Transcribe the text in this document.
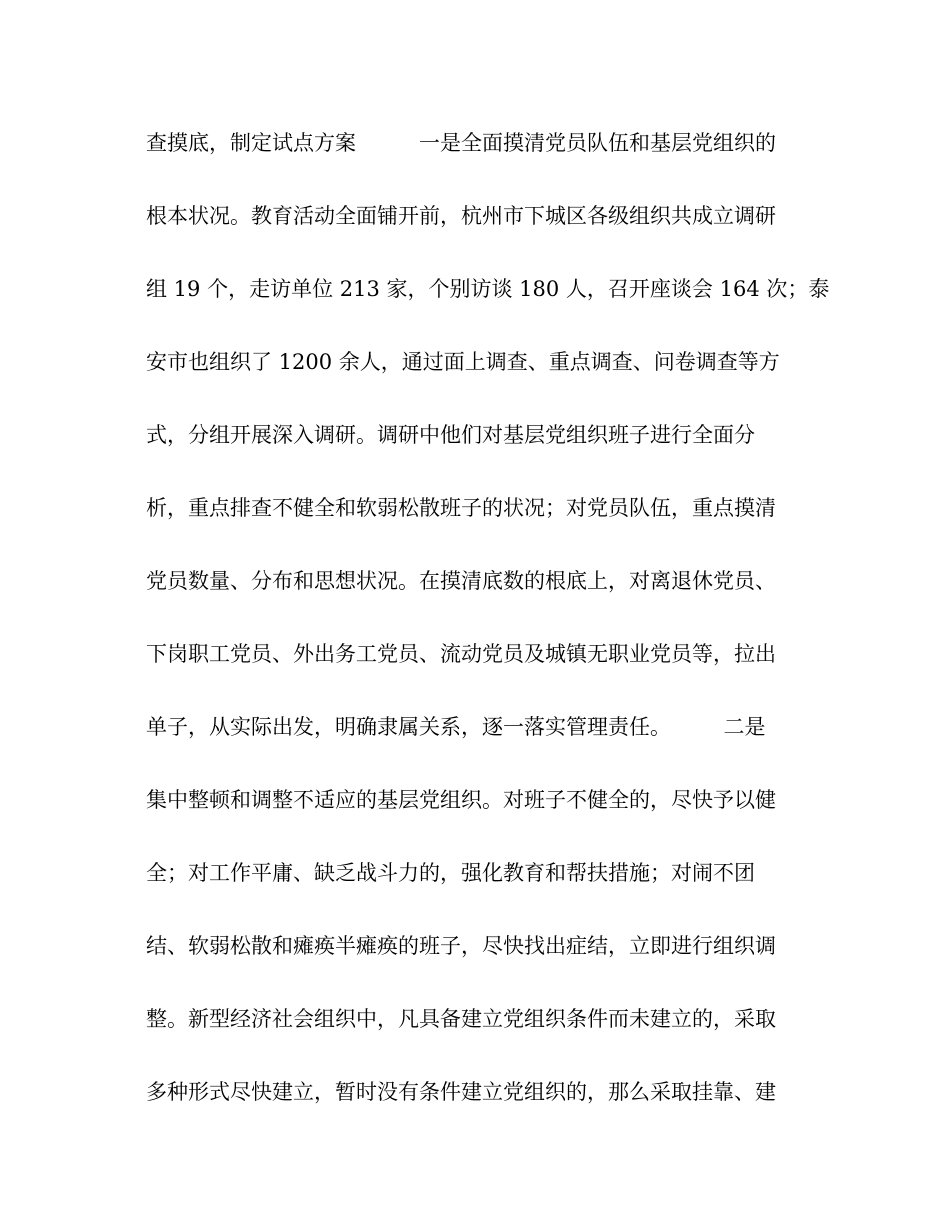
查摸底，制定试点方案　　　一是全面摸清党员队伍和基层党组织的
根本状况。教育活动全面铺开前，杭州市下城区各级组织共成立调研
组 19 个，走访单位 213 家，个别访谈 180 人，召开座谈会 164 次；泰
安市也组织了 1200 余人，通过面上调查、重点调查、问卷调查等方
式，分组开展深入调研。调研中他们对基层党组织班子进行全面分
析，重点排查不健全和软弱松散班子的状况；对党员队伍，重点摸清
党员数量、分布和思想状况。在摸清底数的根底上，对离退休党员、
下岗职工党员、外出务工党员、流动党员及城镇无职业党员等，拉出
单子，从实际出发，明确隶属关系，逐一落实管理责任。　　　二是
集中整顿和调整不适应的基层党组织。对班子不健全的，尽快予以健
全；对工作平庸、缺乏战斗力的，强化教育和帮扶措施；对闹不团
结、软弱松散和瘫痪半瘫痪的班子，尽快找出症结，立即进行组织调
整。新型经济社会组织中，凡具备建立党组织条件而未建立的，采取
多种形式尽快建立，暂时没有条件建立党组织的，那么采取挂靠、建
